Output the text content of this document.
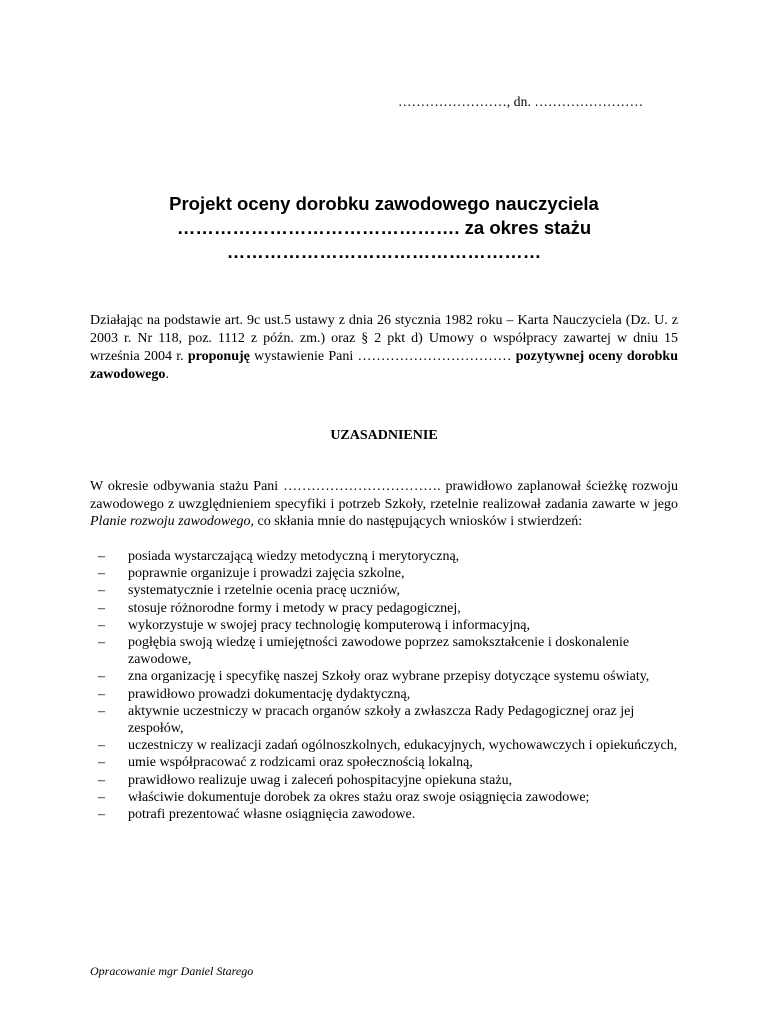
……………………, dn. ……………………
Projekt oceny dorobku zawodowego nauczyciela
………………………………………. za okres stażu
……………………………………………
Działając na podstawie art. 9c ust.5 ustawy z dnia 26 stycznia 1982 roku – Karta Nauczyciela (Dz. U. z 2003 r. Nr 118, poz. 1112 z późn. zm.) oraz § 2 pkt d) Umowy o współpracy zawartej w dniu 15 września 2004 r. proponuję wystawienie Pani …………………………… pozytywnej oceny dorobku zawodowego.
UZASADNIENIE
W okresie odbywania stażu Pani ……………………………. prawidłowo zaplanował ścieżkę rozwoju zawodowego z uwzględnieniem specyfiki i potrzeb Szkoły, rzetelnie realizował zadania zawarte w jego Planie rozwoju zawodowego, co skłania mnie do następujących wniosków i stwierdzeń:
– posiada wystarczającą wiedzy metodyczną i merytoryczną,
– poprawnie organizuje i prowadzi zajęcia szkolne,
– systematycznie i rzetelnie ocenia pracę uczniów,
– stosuje różnorodne formy i metody w pracy pedagogicznej,
– wykorzystuje w swojej pracy technologię komputerową i informacyjną,
– pogłębia swoją wiedzę i umiejętności zawodowe poprzez samokształcenie i doskonalenie zawodowe,
– zna organizację i specyfikę naszej Szkoły oraz wybrane przepisy dotyczące systemu oświaty,
– prawidłowo prowadzi dokumentację dydaktyczną,
– aktywnie uczestniczy w pracach organów szkoły a zwłaszcza Rady Pedagogicznej oraz jej zespołów,
– uczestniczy w realizacji zadań ogólnoszkolnych, edukacyjnych, wychowawczych i opiekuńczych,
– umie współpracować z rodzicami oraz społecznością lokalną,
– prawidłowo realizuje uwag i zaleceń pohospitacyjne opiekuna stażu,
– właściwie dokumentuje dorobek za okres stażu oraz swoje osiągnięcia zawodowe;
– potrafi prezentować własne osiągnięcia zawodowe.
Opracowanie mgr Daniel Starego
